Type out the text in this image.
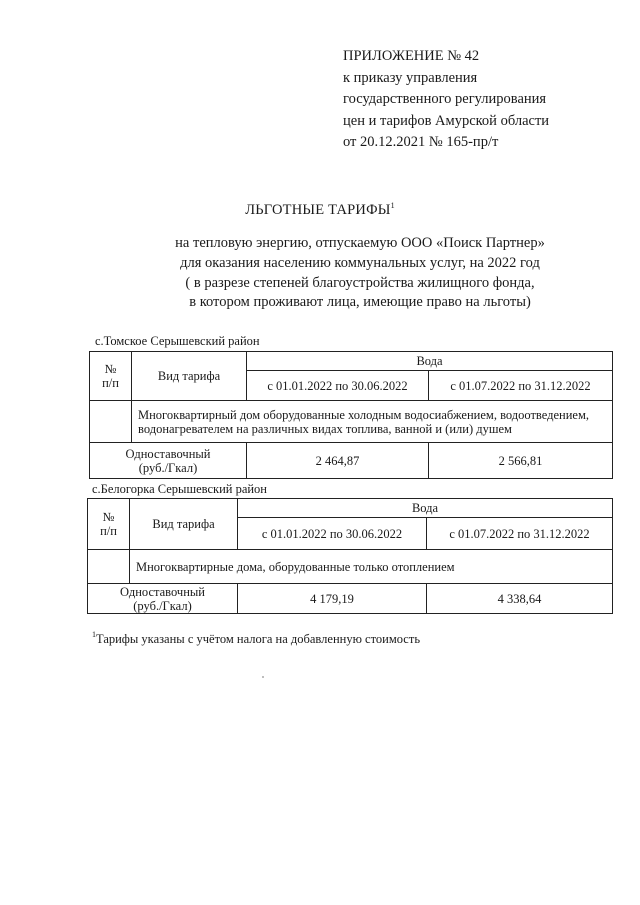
ПРИЛОЖЕНИЕ № 42
к приказу управления
государственного регулирования
цен и тарифов Амурской области
от 20.12.2021 № 165-пр/т
ЛЬГОТНЫЕ ТАРИФЫ$^1$
на тепловую энергию, отпускаемую ООО «Поиск Партнер»
для оказания населению коммунальных услуг, на 2022 год
( в разрезе степеней благоустройства жилищного фонда,
в котором проживают лица, имеющие право на льготы)
с.Томское Серышевский район
№
п/п	Вид тарифа	Вода	
		с 01.01.2022 по 30.06.2022	с 01.07.2022 по 31.12.2022
	Многоквартирный дом оборудованные холодным водосиабжением, водоотведением, водонагревателем на различных видах топлива, ванной и (или) душем		
Одноставочный
(руб./Гкал)		2 464,87	2 566,81
с.Белогорка Серышевский район
№
п/п	Вид тарифа	Вода	
		с 01.01.2022 по 30.06.2022	с 01.07.2022 по 31.12.2022
	Многоквартирные дома, оборудованные только отоплением		
Одноставочный
(руб./Гкал)		4 179,19	4 338,64
1 Тарифы указаны с учётом налога на добавленную стоимость
